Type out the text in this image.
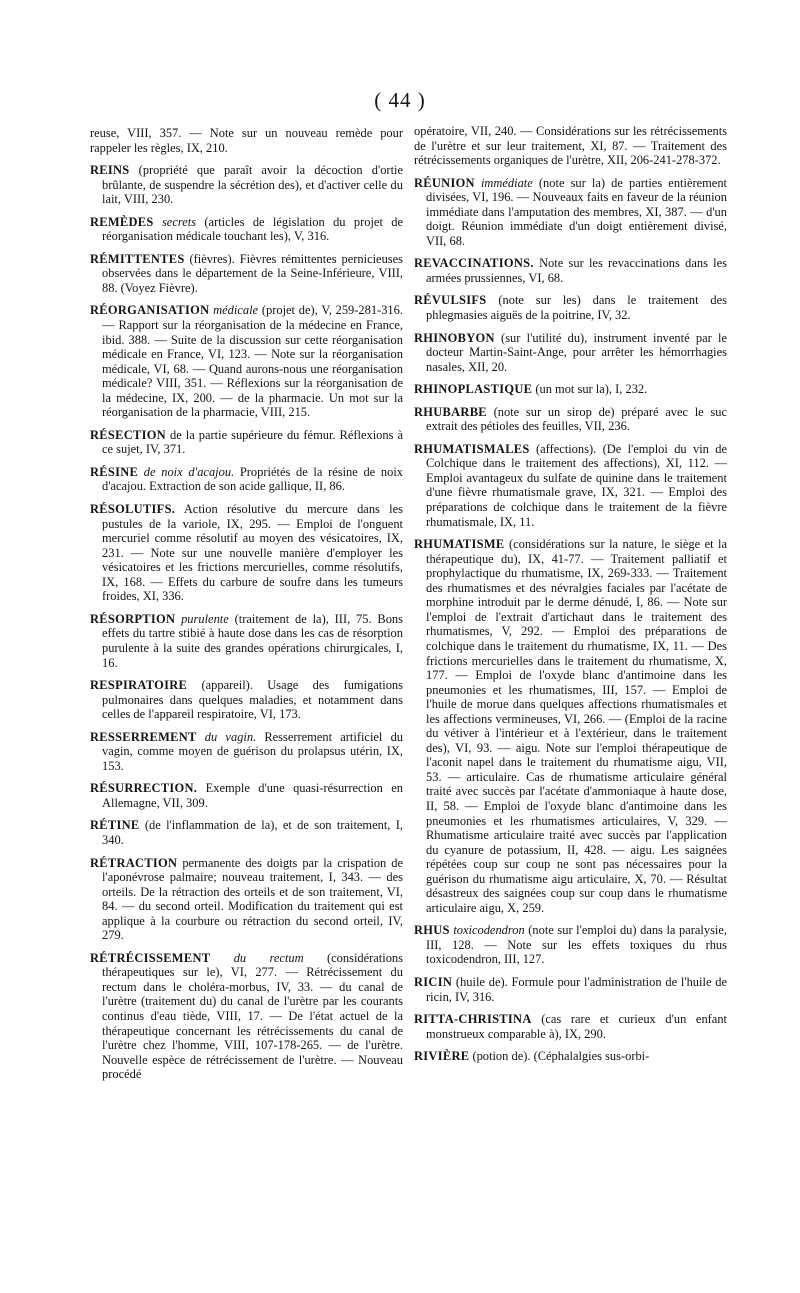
( 44 )

reuse, VIII, 357. — Note sur un nouveau remède pour rappeler les règles, IX, 210.

REINS (propriété que paraît avoir la décoction d'ortie brûlante, de suspendre la sécrétion des), et d'activer celle du lait, VIII, 230.

REMÈDES secrets (articles de législation du projet de réorganisation médicale touchant les), V, 316.

RÉMITTENTES (fièvres). Fièvres rémittentes pernicieuses observées dans le département de la Seine-Inférieure, VIII, 88. (Voyez Fièvre).

RÉORGANISATION médicale (projet de), V, 259-281-316. — Rapport sur la réorganisation de la médecine en France, ibid. 388. — Suite de la discussion sur cette réorganisation médicale en France, VI, 123. — Note sur la réorganisation médicale, VI, 68. — Quand aurons-nous une réorganisation médicale? VIII, 351. — Réflexions sur la réorganisation de la médecine, IX, 200. — de la pharmacie. Un mot sur la réorganisation de la pharmacie, VIII, 215.

RÉSECTION de la partie supérieure du fémur. Réflexions à ce sujet, IV, 371.

RÉSINE de noix d'acajou. Propriétés de la résine de noix d'acajou. Extraction de son acide gallique, II, 86.

RÉSOLUTIFS. Action résolutive du mercure dans les pustules de la variole, IX, 295. — Emploi de l'onguent mercuriel comme résolutif au moyen des vésicatoires, IX, 231. — Note sur une nouvelle manière d'employer les vésicatoires et les frictions mercurielles, comme résolutifs, IX, 168. — Effets du carbure de soufre dans les tumeurs froides, XI, 336.

RÉSORPTION purulente (traitement de la), III, 75. Bons effets du tartre stibié à haute dose dans les cas de résorption purulente à la suite des grandes opérations chirurgicales, I, 16.

RESPIRATOIRE (appareil). Usage des fumigations pulmonaires dans quelques maladies, et notamment dans celles de l'appareil respiratoire, VI, 173.

RESSERREMENT du vagin. Resserrement artificiel du vagin, comme moyen de guérison du prolapsus utérin, IX, 153.

RÉSURRECTION. Exemple d'une quasi-résurrection en Allemagne, VII, 309.

RÉTINE (de l'inflammation de la), et de son traitement, I, 340.

RÉTRACTION permanente des doigts par la crispation de l'aponévrose palmaire; nouveau traitement, I, 343. — des orteils. De la rétraction des orteils et de son traitement, VI, 84. — du second orteil. Modification du traitement qui est applique à la courbure ou rétraction du second orteil, IV, 279.

RÉTRÉCISSEMENT du rectum (considérations thérapeutiques sur le), VI, 277. — Rétrécissement du rectum dans le choléra-morbus, IV, 33. — du canal de l'urètre (traitement du) du canal de l'urètre par les courants continus d'eau tiède, VIII, 17. — De l'état actuel de la thérapeutique concernant les rétrécissements du canal de l'urètre chez l'homme, VIII, 107-178-265. — de l'urètre. Nouvelle espèce de rétrécissement de l'urètre. — Nouveau procédé

opératoire, VII, 240. — Considérations sur les rétrécissements de l'urètre et sur leur traitement, XI, 87. — Traitement des rétrécissements organiques de l'urètre, XII, 206-241-278-372.

RÉUNION immédiate (note sur la) de parties entièrement divisées, VI, 196. — Nouveaux faits en faveur de la réunion immédiate dans l'amputation des membres, XI, 387. — d'un doigt. Réunion immédiate d'un doigt entièrement divisé, VII, 68.

REVACCINATIONS. Note sur les revaccinations dans les armées prussiennes, VI, 68.

RÉVULSIFS (note sur les) dans le traitement des phlegmasies aiguës de la poitrine, IV, 32.

RHINOBYON (sur l'utilité du), instrument inventé par le docteur Martin-Saint-Ange, pour arrêter les hémorrhagies nasales, XII, 20.

RHINOPLASTIQUE (un mot sur la), I, 232.

RHUBARBE (note sur un sirop de) préparé avec le suc extrait des pétioles des feuilles, VII, 236.

RHUMATISMALES (affections). (De l'emploi du vin de Colchique dans le traitement des affections), XI, 112. — Emploi avantageux du sulfate de quinine dans le traitement d'une fièvre rhumatismale grave, IX, 321. — Emploi des préparations de colchique dans le traitement de la fièvre rhumatismale, IX, 11.

RHUMATISME (considérations sur la nature, le siège et la thérapeutique du), IX, 41-77. — Traitement palliatif et prophylactique du rhumatisme, IX, 269-333. — Traitement des rhumatismes et des névralgies faciales par l'acétate de morphine introduit par le derme dénudé, I, 86. — Note sur l'emploi de l'extrait d'artichaut dans le traitement des rhumatismes, V, 292. — Emploi des préparations de colchique dans le traitement du rhumatisme, IX, 11. — Des frictions mercurielles dans le traitement du rhumatisme, X, 177. — Emploi de l'oxyde blanc d'antimoine dans les pneumonies et les rhumatismes, III, 157. — Emploi de l'huile de morue dans quelques affections rhumatismales et les affections vermineuses, VI, 266. — (Emploi de la racine du vétiver à l'intérieur et à l'extérieur, dans le traitement des), VI, 93. — aigu. Note sur l'emploi thérapeutique de l'aconit napel dans le traitement du rhumatisme aigu, VII, 53. — articulaire. Cas de rhumatisme articulaire général traité avec succès par l'acétate d'ammoniaque à haute dose, II, 58. — Emploi de l'oxyde blanc d'antimoine dans les pneumonies et les rhumatismes articulaires, V, 329. — Rhumatisme articulaire traité avec succès par l'application du cyanure de potassium, II, 428. — aigu. Les saignées répétées coup sur coup ne sont pas nécessaires pour la guérison du rhumatisme aigu articulaire, X, 70. — Résultat désastreux des saignées coup sur coup dans le rhumatisme articulaire aigu, X, 259.

RHUS toxicodendron (note sur l'emploi du) dans la paralysie, III, 128. — Note sur les effets toxiques du rhus toxicodendron, III, 127.

RICIN (huile de). Formule pour l'administration de l'huile de ricin, IV, 316.

RITTA-CHRISTINA (cas rare et curieux d'un enfant monstrueux comparable à), IX, 290.

RIVIÈRE (potion de). (Céphalalgies sus-orbi-
